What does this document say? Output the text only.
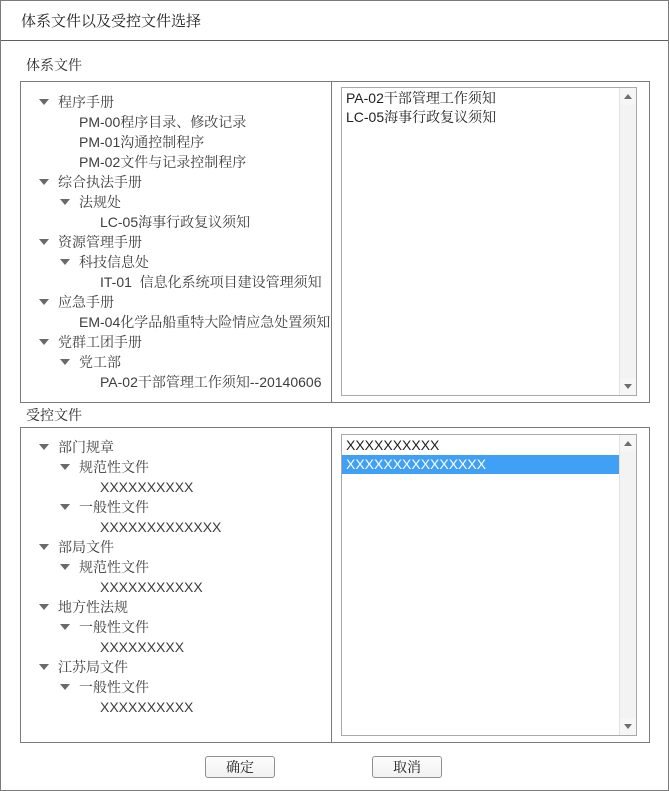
体系文件以及受控文件选择
体系文件
程序手册
PM-00程序目录、修改记录
PM-01沟通控制程序
PM-02文件与记录控制程序
综合执法手册
法规处
LC-05海事行政复议须知
资源管理手册
科技信息处
IT-01  信息化系统项目建设管理须知
应急手册
EM-04化学品船重特大险情应急处置须知
党群工团手册
党工部
PA-02干部管理工作须知--20140606
PA-02干部管理工作须知
LC-05海事行政复议须知
受控文件
部门规章
规范性文件
XXXXXXXXXX
一般性文件
XXXXXXXXXXXXX
部局文件
规范性文件
XXXXXXXXXXX
地方性法规
一般性文件
XXXXXXXXX
江苏局文件
一般性文件
XXXXXXXXXX
XXXXXXXXXX
XXXXXXXXXXXXXXX
确定	取消
